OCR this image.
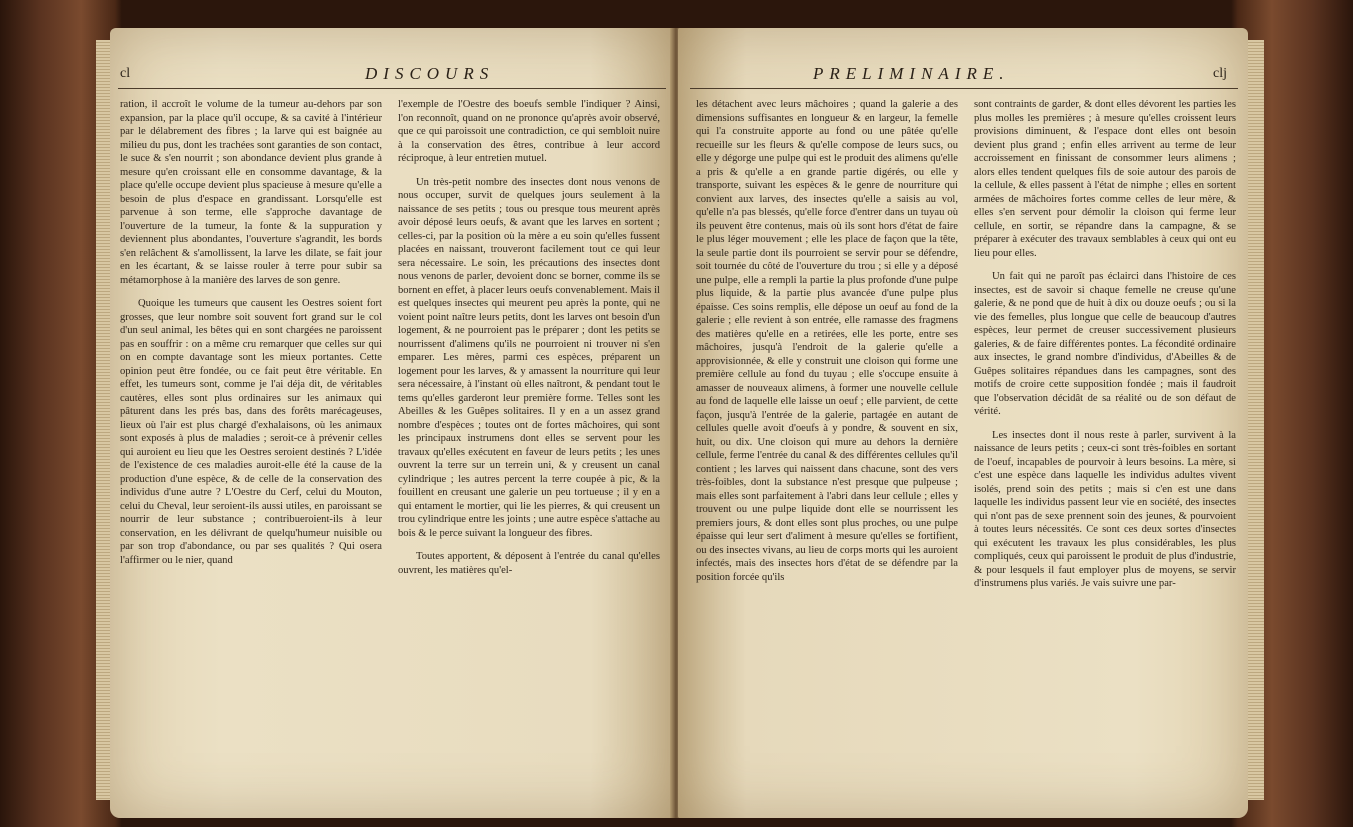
cl	DISCOURS

ration, il accroît le volume de la tumeur au-dehors par son expansion, par la place qu'il occupe, & sa cavité à l'intérieur par le délabrement des fibres ; la larve qui est baignée au milieu du pus, dont les trachées sont garanties de son contact, le suce & s'en nourrit ; son abondance devient plus grande à mesure qu'en croissant elle en consomme davantage, & la place qu'elle occupe devient plus spacieuse à mesure qu'elle a besoin de plus d'espace en grandissant. Lorsqu'elle est parvenue à son terme, elle s'approche davantage de l'ouverture de la tumeur, la fonte & la suppuration y deviennent plus abondantes, l'ouverture s'agrandit, les bords s'en relâchent & s'amollissent, la larve les dilate, se fait jour en les écartant, & se laisse rouler à terre pour subir sa métamorphose à la manière des larves de son genre.

Quoique les tumeurs que causent les Oestres soient fort grosses, que leur nombre soit souvent fort grand sur le col d'un seul animal, les bêtes qui en sont chargées ne paroissent pas en souffrir : on a même cru remarquer que celles sur qui on en compte davantage sont les mieux portantes. Cette opinion peut être fondée, ou ce fait peut être véritable. En effet, les tumeurs sont, comme je l'ai déja dit, de véritables cautères, elles sont plus ordinaires sur les animaux qui pâturent dans les prés bas, dans des forêts marécageuses, lieux où l'air est plus chargé d'exhalaisons, où les animaux sont exposés à plus de maladies ; seroit-ce à prévenir celles qui auroient eu lieu que les Oestres seroient destinés ? L'idée de l'existence de ces maladies auroit-elle été la cause de la production d'une espèce, & de celle de la conservation des individus d'une autre ? L'Oestre du Cerf, celui du Mouton, celui du Cheval, leur seroient-ils aussi utiles, en paroissant se nourrir de leur substance ; contribueroient-ils à leur conservation, en les délivrant de quelqu'humeur nuisible ou par son trop d'abondance, ou par ses qualités ? Qui osera l'affirmer ou le nier, quand

l'exemple de l'Oestre des boeufs semble l'indiquer ? Ainsi, l'on reconnoît, quand on ne prononce qu'après avoir observé, que ce qui paroissoit une contradiction, ce qui sembloit nuire à la conservation des êtres, contribue à leur accord réciproque, à leur entretien mutuel.

Un très-petit nombre des insectes dont nous venons de nous occuper, survit de quelques jours seulement à la naissance de ses petits ; tous ou presque tous meurent après avoir déposé leurs oeufs, & avant que les larves en sortent ; celles-ci, par la position où la mère a eu soin qu'elles fussent placées en naissant, trouveront facilement tout ce qui leur sera nécessaire. Le soin, les précautions des insectes dont nous venons de parler, devoient donc se borner, comme ils se bornent en effet, à placer leurs oeufs convenablement. Mais il est quelques insectes qui meurent peu après la ponte, qui ne voient point naître leurs petits, dont les larves ont besoin d'un logement, & ne pourroient pas le préparer ; dont les petits se nourrissent d'alimens qu'ils ne pourroient ni trouver ni s'en emparer. Les mères, parmi ces espèces, préparent un logement pour les larves, & y amassent la nourriture qui leur sera nécessaire, à l'instant où elles naîtront, & pendant tout le tems qu'elles garderont leur première forme. Telles sont les Abeilles & les Guêpes solitaires. Il y en a un assez grand nombre d'espèces ; toutes ont de fortes mâchoires, qui sont les principaux instrumens dont elles se servent pour les travaux qu'elles exécutent en faveur de leurs petits ; les unes ouvrent la terre sur un terrein uni, & y creusent un canal cylindrique ; les autres percent la terre coupée à pic, & la fouillent en creusant une galerie un peu tortueuse ; il y en a qui entament le mortier, qui lie les pierres, & qui creusent un trou cylindrique entre les joints ; une autre espèce s'attache au bois & le perce suivant la longueur des fibres.

Toutes apportent, & déposent à l'entrée du canal qu'elles ouvrent, les matières qu'el-

PRELIMINAIRE.	clj

les détachent avec leurs mâchoires ; quand la galerie a des dimensions suffisantes en longueur & en largeur, la femelle qui l'a construite apporte au fond ou une pâtée qu'elle recueille sur les fleurs & qu'elle compose de leurs sucs, ou elle y dégorge une pulpe qui est le produit des alimens qu'elle a pris & qu'elle a en grande partie digérés, ou elle y transporte, suivant les espèces & le genre de nourriture qui convient aux larves, des insectes qu'elle a saisis au vol, qu'elle n'a pas blessés, qu'elle force d'entrer dans un tuyau où ils peuvent être contenus, mais où ils sont hors d'état de faire le plus léger mouvement ; elle les place de façon que la tête, la seule partie dont ils pourroient se servir pour se défendre, soit tournée du côté de l'ouverture du trou ; si elle y a déposé une pulpe, elle a rempli la partie la plus profonde d'une pulpe plus liquide, & la partie plus avancée d'une pulpe plus épaisse. Ces soins remplis, elle dépose un oeuf au fond de la galerie ; elle revient à son entrée, elle ramasse des fragmens des matières qu'elle en a retirées, elle les porte, entre ses mâchoires, jusqu'à l'endroit de la galerie qu'elle a approvisionnée, & elle y construit une cloison qui forme une première cellule au fond du tuyau ; elle s'occupe ensuite à amasser de nouveaux alimens, à former une nouvelle cellule au fond de laquelle elle laisse un oeuf ; elle parvient, de cette façon, jusqu'à l'entrée de la galerie, partagée en autant de cellules quelle avoit d'oeufs à y pondre, & souvent en six, huit, ou dix. Une cloison qui mure au dehors la dernière cellule, ferme l'entrée du canal & des différentes cellules qu'il contient ; les larves qui naissent dans chacune, sont des vers très-foibles, dont la substance n'est presque que pulpeuse ; mais elles sont parfaitement à l'abri dans leur cellule ; elles y trouvent ou une pulpe liquide dont elle se nourrissent les premiers jours, & dont elles sont plus proches, ou une pulpe épaisse qui leur sert d'aliment à mesure qu'elles se fortifient, ou des insectes vivans, au lieu de corps morts qui les auroient infectés, mais des insectes hors d'état de se défendre par la position forcée qu'ils

sont contraints de garder, & dont elles dévorent les parties les plus molles les premières ; à mesure qu'elles croissent leurs provisions diminuent, & l'espace dont elles ont besoin devient plus grand ; enfin elles arrivent au terme de leur accroissement en finissant de consommer leurs alimens ; alors elles tendent quelques fils de soie autour des parois de la cellule, & elles passent à l'état de nimphe ; elles en sortent armées de mâchoires fortes comme celles de leur mère, & elles s'en servent pour démolir la cloison qui ferme leur cellule, en sortir, se répandre dans la campagne, & se préparer à exécuter des travaux semblables à ceux qui ont eu lieu pour elles.

Un fait qui ne paroît pas éclairci dans l'histoire de ces insectes, est de savoir si chaque femelle ne creuse qu'une galerie, & ne pond que de huit à dix ou douze oeufs ; ou si la vie des femelles, plus longue que celle de beaucoup d'autres espèces, leur permet de creuser successivement plusieurs galeries, & de faire différentes pontes. La fécondité ordinaire aux insectes, le grand nombre d'individus, d'Abeilles & de Guêpes solitaires répandues dans les campagnes, sont des motifs de croire cette supposition fondée ; mais il faudroit que l'observation décidât de sa réalité ou de son défaut de vérité.

Les insectes dont il nous reste à parler, survivent à la naissance de leurs petits ; ceux-ci sont très-foibles en sortant de l'oeuf, incapables de pourvoir à leurs besoins. La mère, si c'est une espèce dans laquelle les individus adultes vivent isolés, prend soin des petits ; mais si c'en est une dans laquelle les individus passent leur vie en société, des insectes qui n'ont pas de sexe prennent soin des jeunes, & pourvoient à toutes leurs nécessités. Ce sont ces deux sortes d'insectes qui exécutent les travaux les plus considérables, les plus compliqués, ceux qui paroissent le produit de plus d'industrie, & pour lesquels il faut employer plus de moyens, se servir d'instrumens plus variés. Je vais suivre une par-
